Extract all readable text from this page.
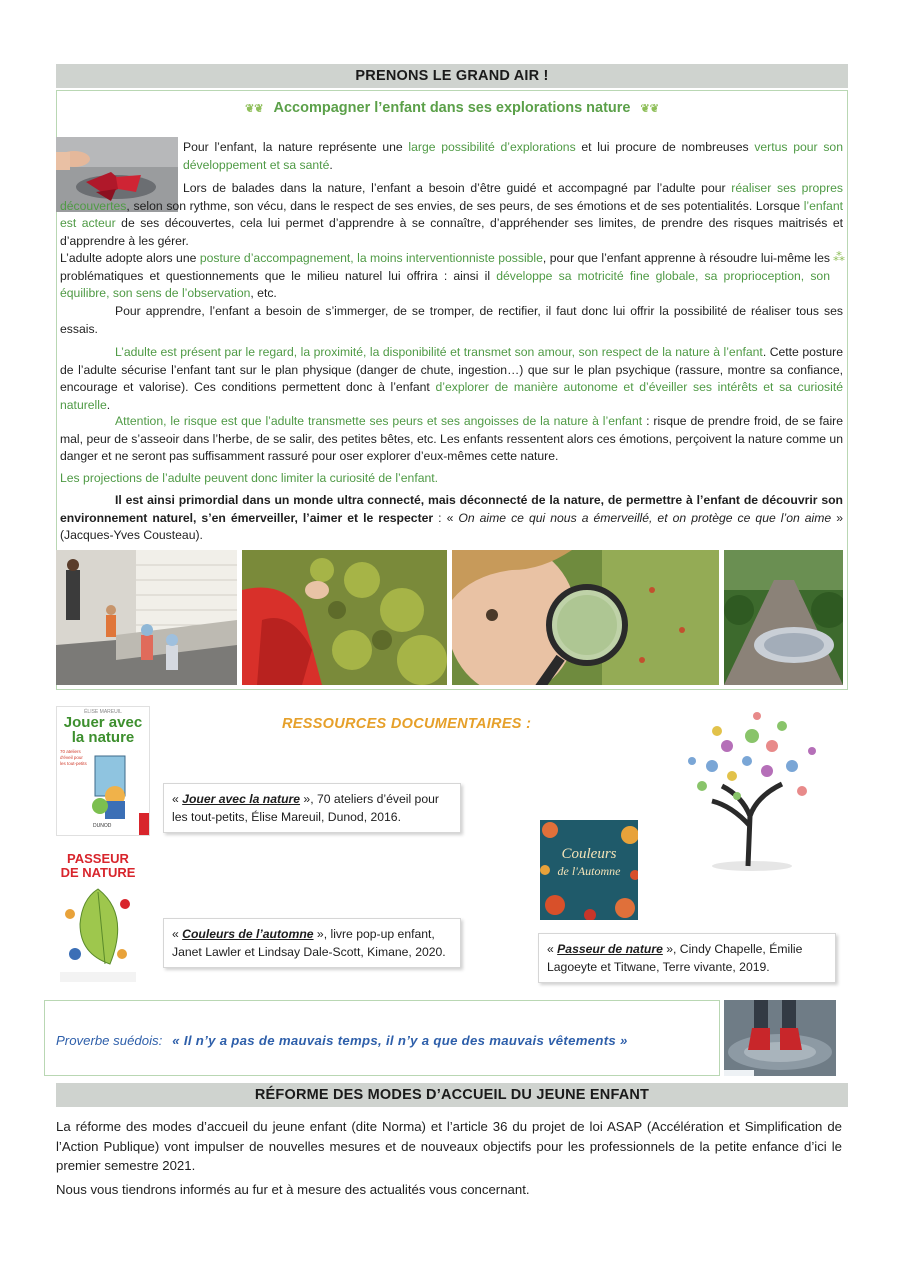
PRENONS LE GRAND AIR !
❦❦ Accompagner l’enfant dans ses explorations nature ❦❦

Pour l’enfant, la nature représente une large possibilité d’explorations et lui procure de nombreuses vertus pour son développement et sa santé.

Lors de balades dans la nature, l’enfant a besoin d’être guidé et accompagné par l’adulte pour réaliser ses propres découvertes, selon son rythme, son vécu, dans le respect de ses envies, de ses peurs, de ses émotions et de ses potentialités. Lorsque l’enfant est acteur de ses découvertes, cela lui permet d’apprendre à se connaître, d’appréhender ses limites, de prendre des risques maitrisés et d’apprendre à les gérer.

L’adulte adopte alors une posture d’accompagnement, la moins interventionniste possible, pour que l’enfant apprenne à résoudre lui-même les problématiques et questionnements que le milieu naturel lui offrira : ainsi il développe sa motricité fine globale, sa proprioception, son équilibre, son sens de l’observation, etc.

⁂

Pour apprendre, l’enfant a besoin de s’immerger, de se tromper, de rectifier, il faut donc lui offrir la possibilité de réaliser tous ses essais.

L’adulte est présent par le regard, la proximité, la disponibilité et transmet son amour, son respect de la nature à l’enfant. Cette posture de l’adulte sécurise l’enfant tant sur le plan physique (danger de chute, ingestion…) que sur le plan psychique (rassure, montre sa confiance, encourage et valorise). Ces conditions permettent donc à l’enfant d’explorer de manière autonome et d’éveiller ses intérêts et sa curiosité naturelle.

Attention, le risque est que l’adulte transmette ses peurs et ses angoisses de la nature à l’enfant : risque de prendre froid, de se faire mal, peur de s’asseoir dans l’herbe, de se salir, des petites bêtes, etc. Les enfants ressentent alors ces émotions, perçoivent la nature comme un danger et ne seront pas suffisamment rassuré pour oser explorer d’eux-mêmes cette nature.

Les projections de l’adulte peuvent donc limiter la curiosité de l’enfant.

Il est ainsi primordial dans un monde ultra connecté, mais déconnecté de la nature, de permettre à l’enfant de découvrir son environnement naturel, s’en émerveiller, l’aimer et le respecter : « On aime ce qui nous a émerveillé, et on protège ce que l’on aime » (Jacques-Yves Cousteau).

ÉLISE MAREUIL
Jouer avec
la nature
70 ateliers d'éveil pour les tout-petits
DUNOD
RESSOURCES DOCUMENTAIRES :
« Jouer avec la nature », 70 ateliers d’éveil pour les tout-petits, Élise Mareuil, Dunod, 2016.
PASSEUR
DE NATURE
Couleurs
de l'Automne
« Couleurs de l’automne », livre pop-up enfant, Janet Lawler et Lindsay Dale-Scott, Kimane, 2020.	« Passeur de nature », Cindy Chapelle, Émilie Lagoeyte et Titwane, Terre vivante, 2019.
Proverbe suédois: « Il n’y a pas de mauvais temps, il n’y a que des mauvais vêtements »
RÉFORME DES MODES D’ACCUEIL DU JEUNE ENFANT

La réforme des modes d’accueil du jeune enfant (dite Norma) et l’article 36 du projet de loi ASAP (Accélération et Simplification de l’Action Publique) vont impulser de nouvelles mesures et de nouveaux objectifs pour les professionnels de la petite enfance d’ici le premier semestre 2021.

Nous vous tiendrons informés au fur et à mesure des actualités vous concernant.
